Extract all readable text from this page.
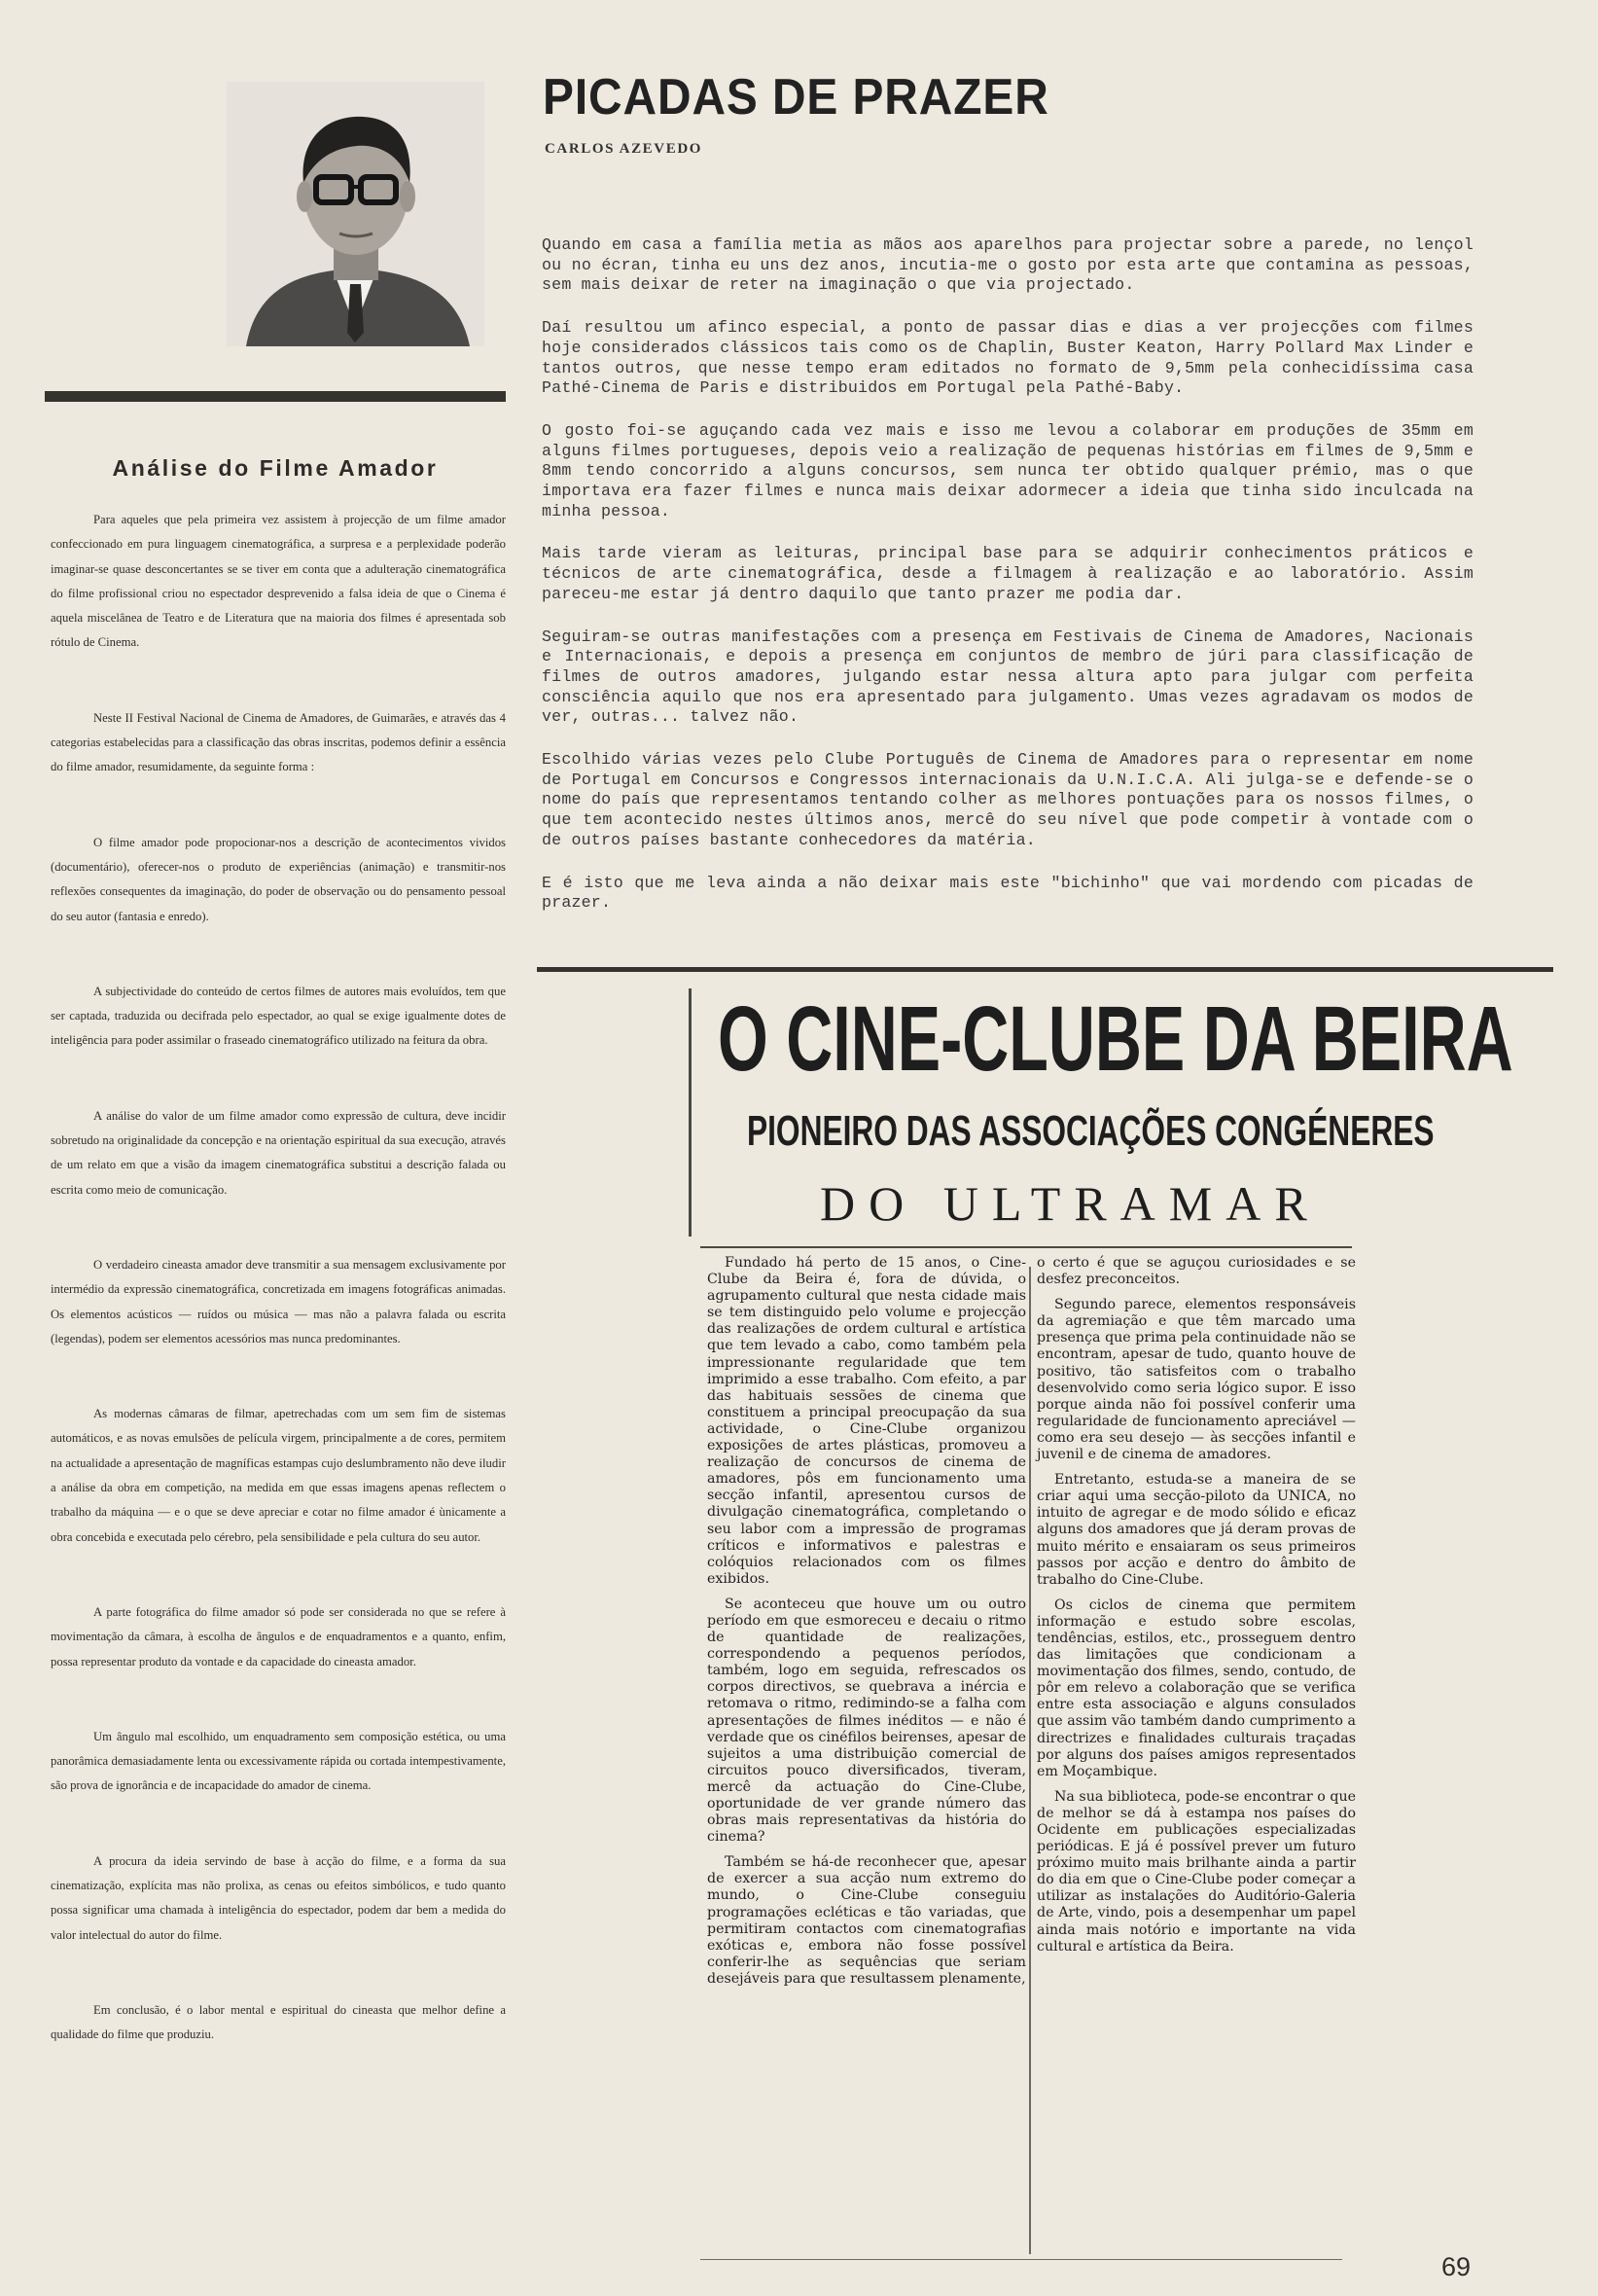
Análise do Filme Amador

Para aqueles que pela primeira vez assistem à projecção de um filme amador confeccionado em pura linguagem cinematográfica, a surpresa e a perplexidade poderão imaginar-se quase desconcertantes se se tiver em conta que a adulteração cinematográfica do filme profissional criou no espectador desprevenido a falsa ideia de que o Cinema é aquela miscelânea de Teatro e de Literatura que na maioria dos filmes é apresentada sob rótulo de Cinema.

Neste II Festival Nacional de Cinema de Amadores, de Guimarães, e através das 4 categorias estabelecidas para a classificação das obras inscritas, podemos definir a essência do filme amador, resumidamente, da seguinte forma :

O filme amador pode propocionar-nos a descrição de acontecimentos vividos (documentário), oferecer-nos o produto de experiências (animação) e transmitir-nos reflexões consequentes da imaginação, do poder de observação ou do pensamento pessoal do seu autor (fantasia e enredo).

A subjectividade do conteúdo de certos filmes de autores mais evoluídos, tem que ser captada, traduzida ou decifrada pelo espectador, ao qual se exige igualmente dotes de inteligência para poder assimilar o fraseado cinematográfico utilizado na feitura da obra.

A análise do valor de um filme amador como expressão de cultura, deve incidir sobretudo na originalidade da concepção e na orientação espiritual da sua execução, através de um relato em que a visão da imagem cinematográfica substitui a descrição falada ou escrita como meio de comunicação.

O verdadeiro cineasta amador deve transmitir a sua mensagem exclusivamente por intermédio da expressão cinematográfica, concretizada em imagens fotográficas animadas. Os elementos acústicos — ruídos ou música — mas não a palavra falada ou escrita (legendas), podem ser elementos acessórios mas nunca predominantes.

As modernas câmaras de filmar, apetrechadas com um sem fim de sistemas automáticos, e as novas emulsões de película virgem, principalmente a de cores, permitem na actualidade a apresentação de magníficas estampas cujo deslumbramento não deve iludir a análise da obra em competição, na medida em que essas imagens apenas reflectem o trabalho da máquina — e o que se deve apreciar e cotar no filme amador é ùnicamente a obra concebida e executada pelo cérebro, pela sensibilidade e pela cultura do seu autor.

A parte fotográfica do filme amador só pode ser considerada no que se refere à movimentação da câmara, à escolha de ângulos e de enquadramentos e a quanto, enfim, possa representar produto da vontade e da capacidade do cineasta amador.

Um ângulo mal escolhido, um enquadramento sem composição estética, ou uma panorâmica demasiadamente lenta ou excessivamente rápida ou cortada intempestivamente, são prova de ignorância e de incapacidade do amador de cinema.

A procura da ideia servindo de base à acção do filme, e a forma da sua cinematização, explícita mas não prolixa, as cenas ou efeitos simbólicos, e tudo quanto possa significar uma chamada à inteligência do espectador, podem dar bem a medida do valor intelectual do autor do filme.

Em conclusão, é o labor mental e espiritual do cineasta que melhor define a qualidade do filme que produziu.

PICADAS DE PRAZER
CARLOS AZEVEDO

Quando em casa a família metia as mãos aos aparelhos para projectar sobre a parede, no lençol ou no écran, tinha eu uns dez anos, incutia-me o gosto por esta arte que contamina as pessoas, sem mais deixar de reter na imaginação o que via projectado.

Daí resultou um afinco especial, a ponto de passar dias e dias a ver projecções com filmes hoje considerados clássicos tais como os de Chaplin, Buster Keaton, Harry Pollard Max Linder e tantos outros, que nesse tempo eram editados no formato de 9,5mm pela conhecidíssima casa Pathé-Cinema de Paris e distribuidos em Portugal pela Pathé-Baby.

O gosto foi-se aguçando cada vez mais e isso me levou a colaborar em produções de 35mm em alguns filmes portugueses, depois veio a realização de pequenas histórias em filmes de 9,5mm e 8mm tendo concorrido a alguns concursos, sem nunca ter obtido qualquer prémio, mas o que importava era fazer filmes e nunca mais deixar adormecer a ideia que tinha sido inculcada na minha pessoa.

Mais tarde vieram as leituras, principal base para se adquirir conhecimentos práticos e técnicos de arte cinematográfica, desde a filmagem à realização e ao laboratório. Assim pareceu-me estar já dentro daquilo que tanto prazer me podia dar.

Seguiram-se outras manifestações com a presença em Festivais de Cinema de Amadores, Nacionais e Internacionais, e depois a presença em conjuntos de membro de júri para classificação de filmes de outros amadores, julgando estar nessa altura apto para julgar com perfeita consciência aquilo que nos era apresentado para julgamento. Umas vezes agradavam os modos de ver, outras... talvez não.

Escolhido várias vezes pelo Clube Português de Cinema de Amadores para o representar em nome de Portugal em Concursos e Congressos internacionais da U.N.I.C.A. Ali julga-se e defende-se o nome do país que representamos tentando colher as melhores pontuações para os nossos filmes, o que tem acontecido nestes últimos anos, mercê do seu nível que pode competir à vontade com o de outros países bastante conhecedores da matéria.

E é isto que me leva ainda a não deixar mais este "bichinho" que vai mordendo com picadas de prazer.

O CINE-CLUBE DA BEIRA
PIONEIRO DAS ASSOCIAÇÕES CONGÉNERES
DO ULTRAMAR

Fundado há perto de 15 anos, o Cine-Clube da Beira é, fora de dúvida, o agrupamento cultural que nesta cidade mais se tem distinguido pelo volume e projecção das realizações de ordem cultural e artística que tem levado a cabo, como também pela impressionante regularidade que tem imprimido a esse trabalho. Com efeito, a par das habituais sessões de cinema que constituem a principal preocupação da sua actividade, o Cine-Clube organizou exposições de artes plásticas, promoveu a realização de concursos de cinema de amadores, pôs em funcionamento uma secção infantil, apresentou cursos de divulgação cinematográfica, completando o seu labor com a impressão de programas críticos e informativos e palestras e colóquios relacionados com os filmes exibidos.

Se aconteceu que houve um ou outro período em que esmoreceu e decaiu o ritmo de quantidade de realizações, correspondendo a pequenos períodos, também, logo em seguida, refrescados os corpos directivos, se quebrava a inércia e retomava o ritmo, redimindo-se a falha com apresentações de filmes inéditos — e não é verdade que os cinéfilos beirenses, apesar de sujeitos a uma distribuição comercial de circuitos pouco diversificados, tiveram, mercê da actuação do Cine-Clube, oportunidade de ver grande número das obras mais representativas da história do cinema?

Também se há-de reconhecer que, apesar de exercer a sua acção num extremo do mundo, o Cine-Clube conseguiu programações ecléticas e tão variadas, que permitiram contactos com cinematografias exóticas e, embora não fosse possível conferir-lhe as sequências que seriam desejáveis para que resultassem plenamente,

o certo é que se aguçou curiosidades e se desfez preconceitos.

Segundo parece, elementos responsáveis da agremiação e que têm marcado uma presença que prima pela continuidade não se encontram, apesar de tudo, quanto houve de positivo, tão satisfeitos com o trabalho desenvolvido como seria lógico supor. E isso porque ainda não foi possível conferir uma regularidade de funcionamento apreciável — como era seu desejo — às secções infantil e juvenil e de cinema de amadores.

Entretanto, estuda-se a maneira de se criar aqui uma secção-piloto da UNICA, no intuito de agregar e de modo sólido e eficaz alguns dos amadores que já deram provas de muito mérito e ensaiaram os seus primeiros passos por acção e dentro do âmbito de trabalho do Cine-Clube.

Os ciclos de cinema que permitem informação e estudo sobre escolas, tendências, estilos, etc., prosseguem dentro das limitações que condicionam a movimentação dos filmes, sendo, contudo, de pôr em relevo a colaboração que se verifica entre esta associação e alguns consulados que assim vão também dando cumprimento a directrizes e finalidades culturais traçadas por alguns dos países amigos representados em Moçambique.

Na sua biblioteca, pode-se encontrar o que de melhor se dá à estampa nos países do Ocidente em publicações especializadas periódicas. E já é possível prever um futuro próximo muito mais brilhante ainda a partir do dia em que o Cine-Clube poder começar a utilizar as instalações do Auditório-Galeria de Arte, vindo, pois a desempenhar um papel ainda mais notório e importante na vida cultural e artística da Beira.

69
